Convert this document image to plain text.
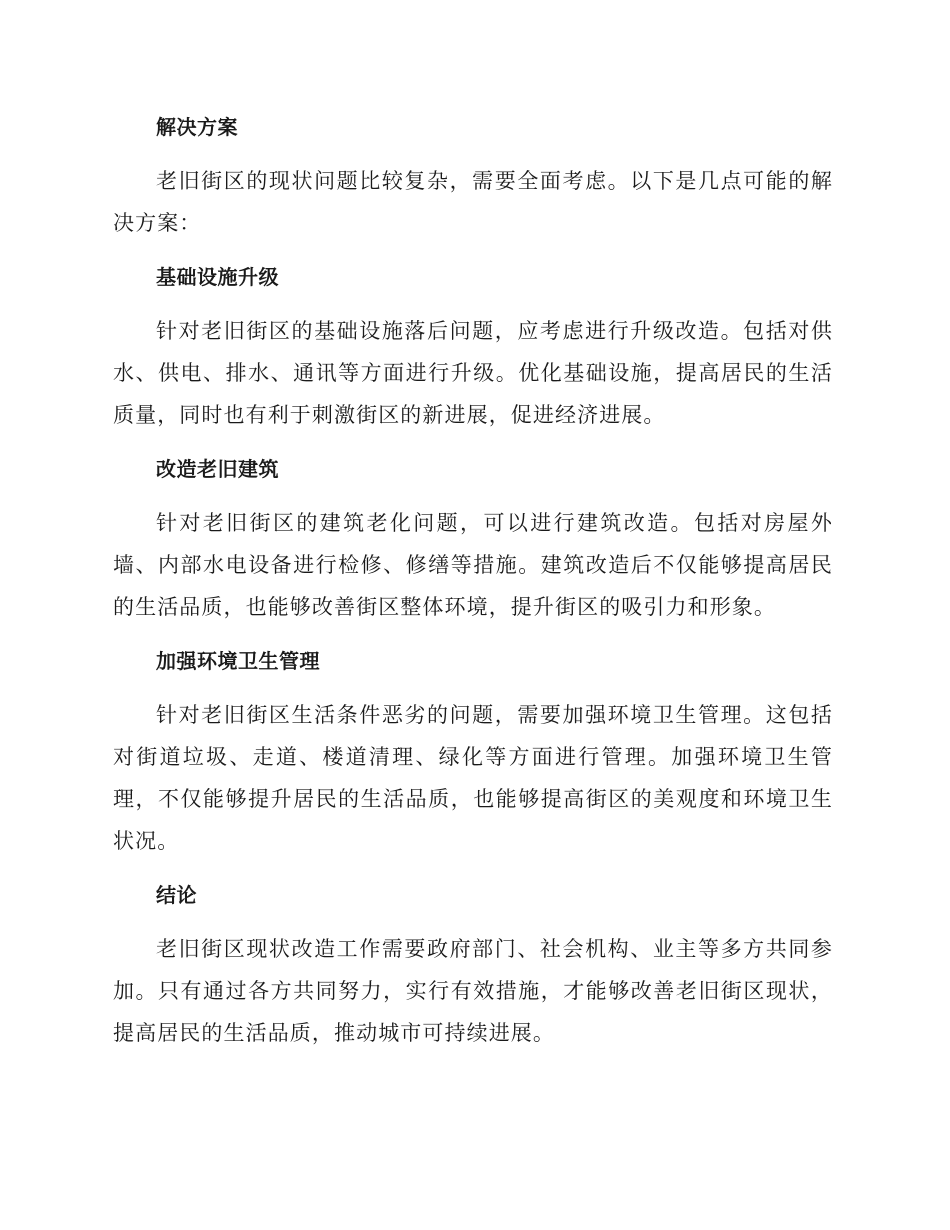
解决方案

老旧街区的现状问题比较复杂，需要全面考虑。以下是几点可能的解决方案：

基础设施升级

针对老旧街区的基础设施落后问题，应考虑进行升级改造。包括对供水、供电、排水、通讯等方面进行升级。优化基础设施，提高居民的生活质量，同时也有利于刺激街区的新进展，促进经济进展。

改造老旧建筑

针对老旧街区的建筑老化问题，可以进行建筑改造。包括对房屋外墙、内部水电设备进行检修、修缮等措施。建筑改造后不仅能够提高居民的生活品质，也能够改善街区整体环境，提升街区的吸引力和形象。

加强环境卫生管理

针对老旧街区生活条件恶劣的问题，需要加强环境卫生管理。这包括对街道垃圾、走道、楼道清理、绿化等方面进行管理。加强环境卫生管理，不仅能够提升居民的生活品质，也能够提高街区的美观度和环境卫生状况。

结论

老旧街区现状改造工作需要政府部门、社会机构、业主等多方共同参加。只有通过各方共同努力，实行有效措施，才能够改善老旧街区现状，提高居民的生活品质，推动城市可持续进展。
